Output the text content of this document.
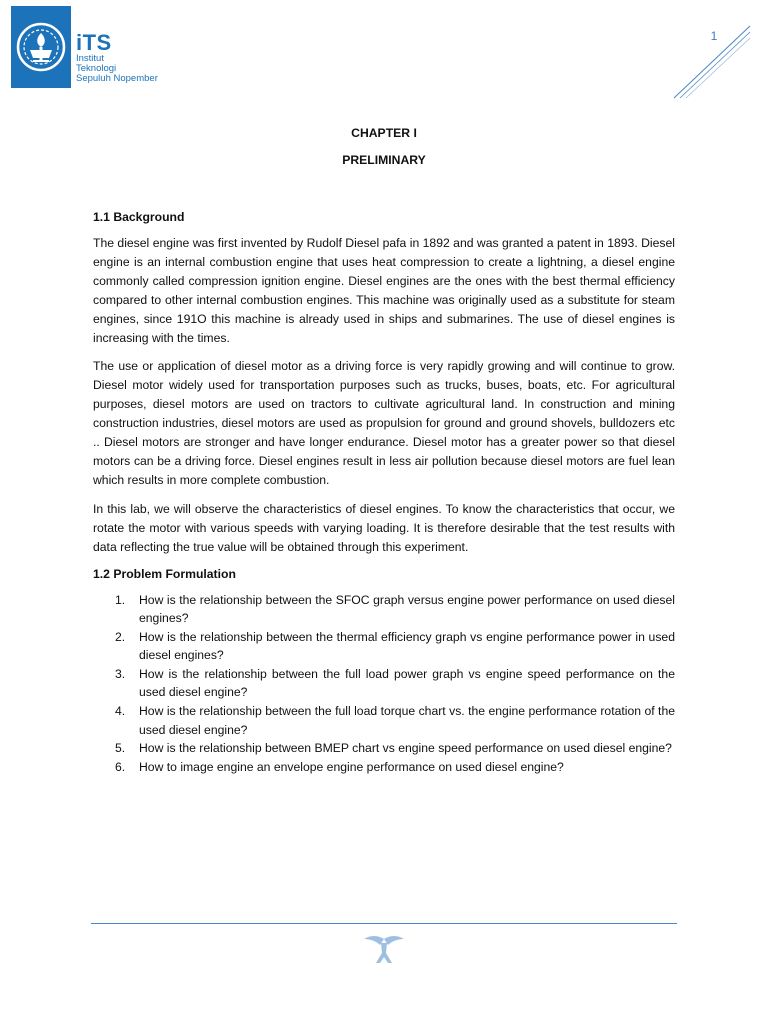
iTS
Institut
Teknologi
Sepuluh Nopember
1

CHAPTER I

PRELIMINARY

1.1 Background

The diesel engine was first invented by Rudolf Diesel pafa in 1892 and was granted a patent in 1893. Diesel engine is an internal combustion engine that uses heat compression to create a lightning, a diesel engine commonly called compression ignition engine. Diesel engines are the ones with the best thermal efficiency compared to other internal combustion engines. This machine was originally used as a substitute for steam engines, since 191O this machine is already used in ships and submarines. The use of diesel engines is increasing with the times.

The use or application of diesel motor as a driving force is very rapidly growing and will continue to grow. Diesel motor widely used for transportation purposes such as trucks, buses, boats, etc. For agricultural purposes, diesel motors are used on tractors to cultivate agricultural land. In construction and mining construction industries, diesel motors are used as propulsion for ground and ground shovels, bulldozers etc .. Diesel motors are stronger and have longer endurance. Diesel motor has a greater power so that diesel motors can be a driving force. Diesel engines result in less air pollution because diesel motors are fuel lean which results in more complete combustion.

In this lab, we will observe the characteristics of diesel engines. To know the characteristics that occur, we rotate the motor with various speeds with varying loading. It is therefore desirable that the test results with data reflecting the true value will be obtained through this experiment.

1.2 Problem Formulation

1.	How is the relationship between the SFOC graph versus engine power performance on used diesel engines?
2.	How is the relationship between the thermal efficiency graph vs engine performance power in used diesel engines?
3.	How is the relationship between the full load power graph vs engine speed performance on the used diesel engine?
4.	How is the relationship between the full load torque chart vs. the engine performance rotation of the used diesel engine?
5.	How is the relationship between BMEP chart vs engine speed performance on used diesel engine?
6.	How to image engine an envelope engine performance on used diesel engine?
